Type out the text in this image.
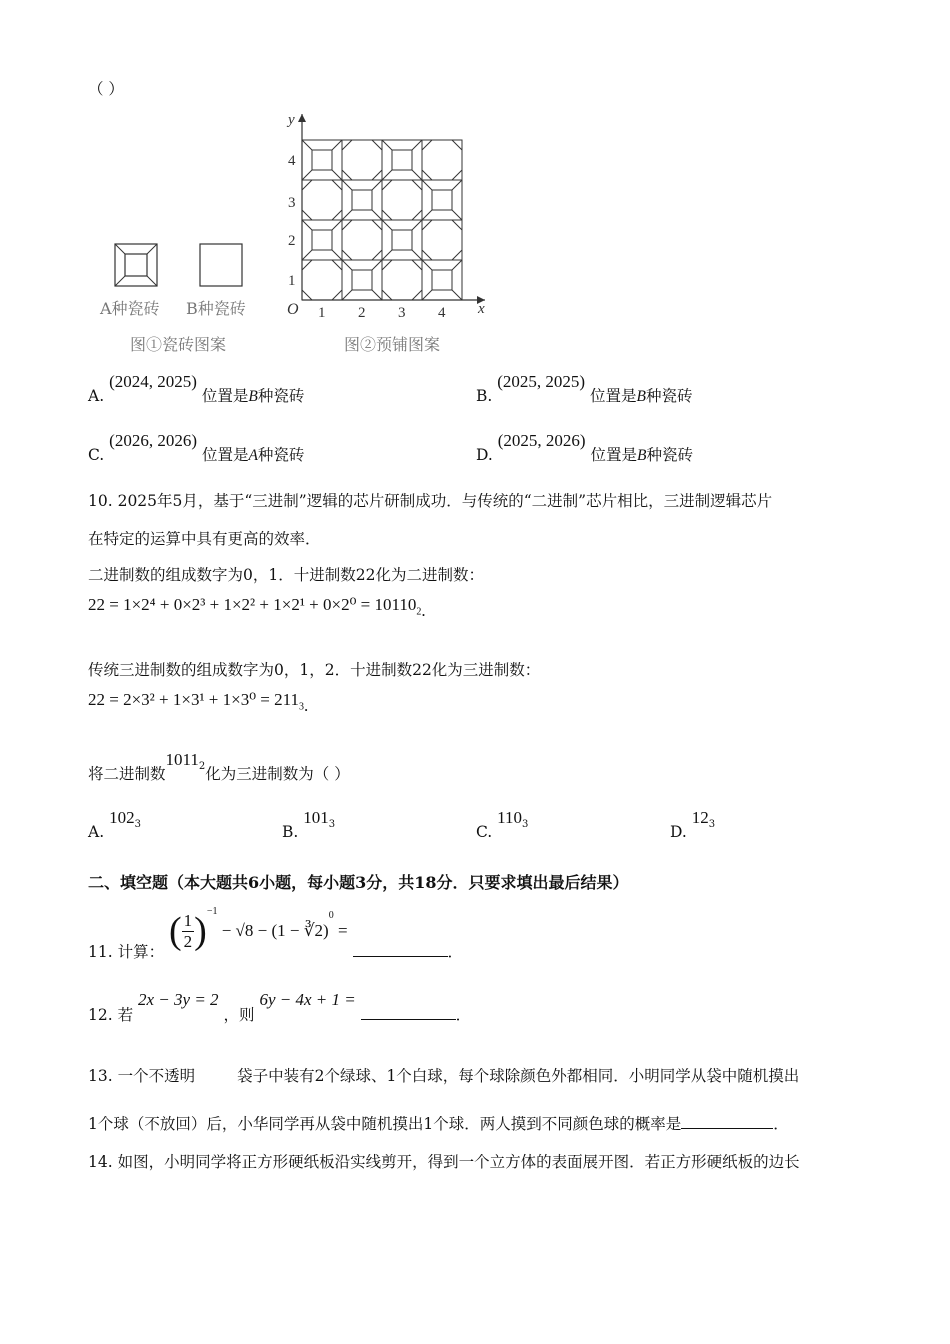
（ ）
A种瓷砖 B种瓷砖
图①瓷砖图案
y
x
O
1
2
3
4
1 2 3 4
图②预铺图案
A. (2024, 2025) 位置是B种瓷砖	B. (2025, 2025) 位置是B种瓷砖
C. (2026, 2026) 位置是A种瓷砖	D. (2025, 2026) 位置是B种瓷砖
10. 2025年5月，基于“三进制”逻辑的芯片研制成功．与传统的“二进制”芯片相比，三进制逻辑芯片
在特定的运算中具有更高的效率．
二进制数的组成数字为0，1．十进制数22化为二进制数：
$22 = 1\times 2^4 + 0\times 2^3 + 1\times 2^2 + 1\times 2^1 + 0\times 2^0 = 10110_2$.
传统三进制数的组成数字为0，1，2．十进制数22化为三进制数：
$22 = 2\times 3^2 + 1\times 3^1 + 1\times 3^0 = 211_3$.
将二进制数$1011_2$化为三进制数为（ ）
A. $102_3$	B. $101_3$	C. $110_3$	D. $12_3$
二、填空题（本大题共6小题，每小题3分，共18分．只要求填出最后结果）
11. 计算： ( $\frac{1}{2} )^{-1} - √8 - (1$ − ∛2)$^0$ = ．
12. 若 2x − 3y = 2 ，则 6y − 4x + 1 = ．
13. 一个不透明	袋子中装有2个绿球、1个白球，每个球除颜色外都相同．小明同学从袋中随机摸出
1个球（不放回）后，小华同学再从袋中随机摸出1个球．两人摸到不同颜色球的概率是	．
14. 如图，小明同学将正方形硬纸板沿实线剪开，得到一个立方体的表面展开图．若正方形硬纸板的边长
